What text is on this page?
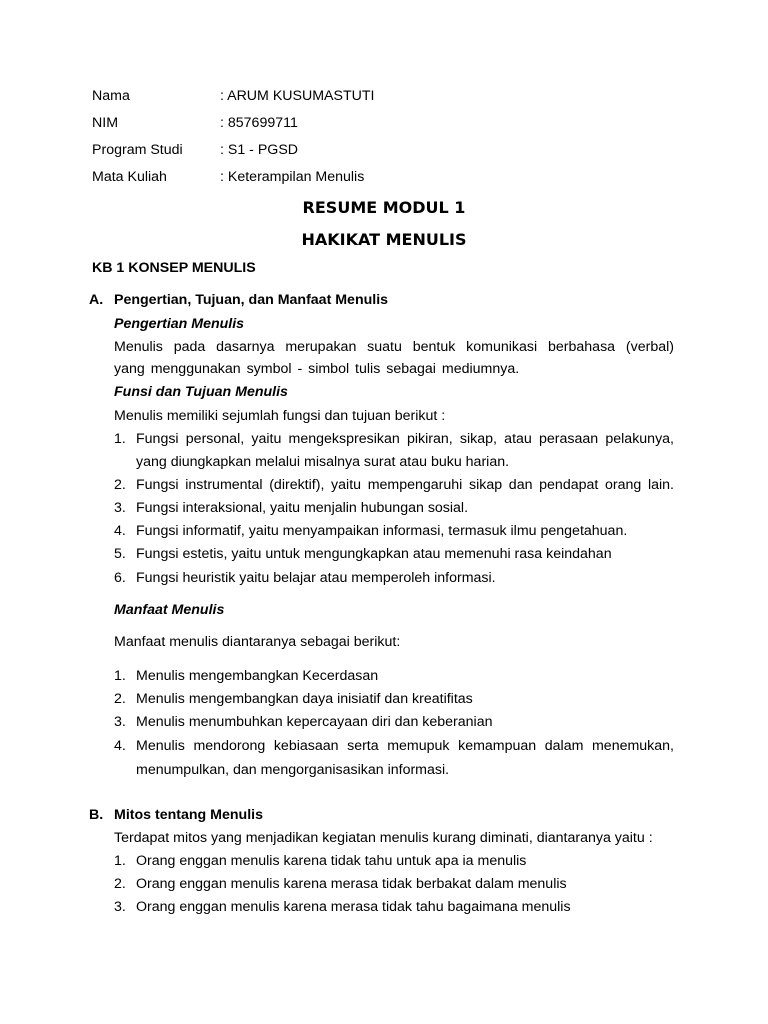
Nama	: ARUM KUSUMASTUTI
NIM	: 857699711
Program Studi	: S1 - PGSD
Mata Kuliah	: Keterampilan Menulis
RESUME MODUL 1
HAKIKAT MENULIS
KB 1 KONSEP MENULIS
A. Pengertian, Tujuan, dan Manfaat Menulis
Pengertian Menulis
Menulis pada dasarnya merupakan suatu bentuk komunikasi berbahasa (verbal)
yang menggunakan symbol - simbol tulis sebagai mediumnya.
Funsi dan Tujuan Menulis
Menulis memiliki sejumlah fungsi dan tujuan berikut :
1. Fungsi personal, yaitu mengekspresikan pikiran, sikap, atau perasaan pelakunya,
yang diungkapkan melalui misalnya surat atau buku harian.
2. Fungsi instrumental (direktif), yaitu mempengaruhi sikap dan pendapat orang lain.
3. Fungsi interaksional, yaitu menjalin hubungan sosial.
4. Fungsi informatif, yaitu menyampaikan informasi, termasuk ilmu pengetahuan.
5. Fungsi estetis, yaitu untuk mengungkapkan atau memenuhi rasa keindahan
6. Fungsi heuristik yaitu belajar atau memperoleh informasi.
Manfaat Menulis
Manfaat menulis diantaranya sebagai berikut:
1. Menulis mengembangkan Kecerdasan
2. Menulis mengembangkan daya inisiatif dan kreatifitas
3. Menulis menumbuhkan kepercayaan diri dan keberanian
4. Menulis mendorong kebiasaan serta memupuk kemampuan dalam menemukan,
menumpulkan, dan mengorganisasikan informasi.
B. Mitos tentang Menulis
Terdapat mitos yang menjadikan kegiatan menulis kurang diminati, diantaranya yaitu :
1. Orang enggan menulis karena tidak tahu untuk apa ia menulis
2. Orang enggan menulis karena merasa tidak berbakat dalam menulis
3. Orang enggan menulis karena merasa tidak tahu bagaimana menulis
